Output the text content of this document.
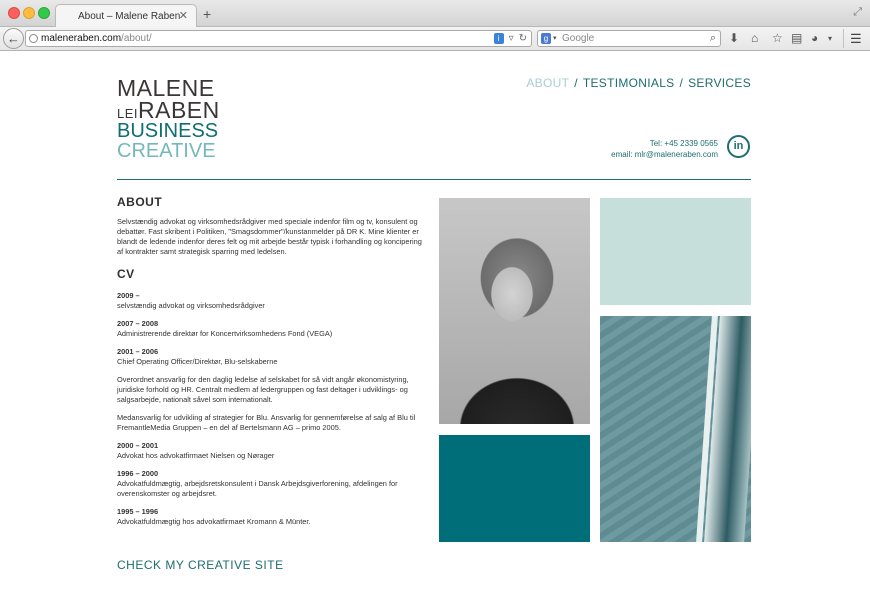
About – Malene Raben
✕ +	⤢
←	maleneraben.com/about/	i ▿ ↻	g ▾ Google	⌕ ⬇ ⌂ ☆ ▤ ◕ ▾ ☰
MALENE
LEIRABEN
BUSINESS
CREATIVE
ABOUT / TESTIMONIALS / SERVICES
Tel: +45 2339 0565
email: mlr@maleneraben.com
in
ABOUT

Selvstændig advokat og virksomhedsrådgiver med speciale indenfor film og tv, konsulent og debattør. Fast skribent i Politiken, "Smagsdommer"/kunstanmelder på DR K. Mine klienter er blandt de ledende indenfor deres felt og mit arbejde består typisk i forhandling og koncipering af kontrakter samt strategisk sparring med ledelsen.

CV
2009 –
selvstændig advokat og virksomhedsrådgiver
2007 – 2008
Administrerende direktør for Koncertvirksomhedens Fond (VEGA)
2001 – 2006
Chief Operating Officer/Direktør, Blu-selskaberne

Overordnet ansvarlig for den daglig ledelse af selskabet for så vidt angår økonomistyring, juridiske forhold og HR. Centralt medlem af ledergruppen og fast deltager i udviklings- og salgsarbejde, nationalt såvel som internationalt.

Medansvarlig for udvikling af strategier for Blu. Ansvarlig for gennemførelse af salg af Blu til FremantleMedia Gruppen – en del af Bertelsmann AG – primo 2005.

2000 – 2001
Advokat hos advokatfirmaet Nielsen og Nørager
1996 – 2000
Advokatfuldmægtig, arbejdsretskonsulent i Dansk Arbejdsgiverforening, afdelingen for overenskomster og arbejdsret.
1995 – 1996
Advokatfuldmægtig hos advokatfirmaet Kromann & Münter.
CHECK MY CREATIVE SITE
